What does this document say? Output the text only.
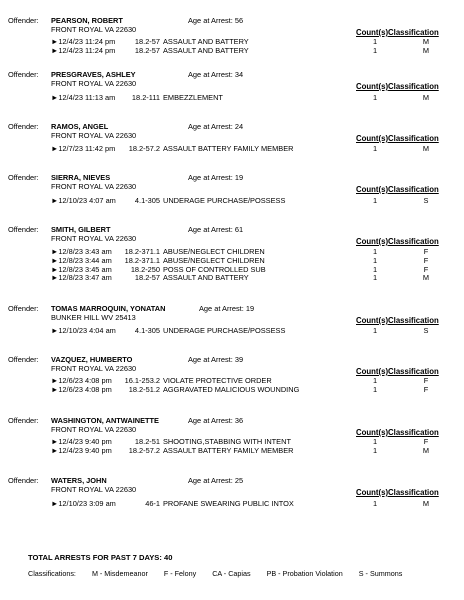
Offender: PEARSON, ROBERT	Age at Arrest: 56
FRONT ROYAL VA 22630	Count(s)Classification
►12/4/23 11:24 pm	18.2-57 ASSAULT AND BATTERY	1	M
►12/4/23 11:24 pm	18.2-57 ASSAULT AND BATTERY	1	M
Offender: PRESGRAVES, ASHLEY	Age at Arrest: 34
FRONT ROYAL VA 22630	Count(s)Classification
►12/4/23 11:13 am 18.2-111 EMBEZZLEMENT	1	M
Offender: RAMOS, ANGEL	Age at Arrest: 24
FRONT ROYAL VA 22630	Count(s)Classification
►12/7/23 11:42 pm 18.2-57.2 ASSAULT BATTERY FAMILY MEMBER	1	M
Offender: SIERRA, NIEVES	Age at Arrest: 19
FRONT ROYAL VA 22630	Count(s)Classification
►12/10/23 4:07 am	4.1-305 UNDERAGE PURCHASE/POSSESS	1	S
Offender: SMITH, GILBERT	Age at Arrest: 61
FRONT ROYAL VA 22630	Count(s)Classification
►12/8/23 3:43 am 18.2-371.1 ABUSE/NEGLECT CHILDREN	1	F
►12/8/23 3:44 am 18.2-371.1 ABUSE/NEGLECT CHILDREN	1	F
►12/8/23 3:45 am	18.2-250 POSS OF CONTROLLED SUB	1	F
►12/8/23 3:47 am	18.2-57 ASSAULT AND BATTERY	1	M
Offender: TOMAS MARROQUIN, YONATAN	Age at Arrest: 19
BUNKER HILL WV 25413	Count(s)Classification
►12/10/23 4:04 am	4.1-305 UNDERAGE PURCHASE/POSSESS	1	S
Offender: VAZQUEZ, HUMBERTO	Age at Arrest: 39
FRONT ROYAL VA 22630	Count(s)Classification
►12/6/23 4:08 pm 16.1-253.2 VIOLATE PROTECTIVE ORDER	1	F
►12/6/23 4:08 pm 18.2-51.2 AGGRAVATED MALICIOUS WOUNDING	1	F
Offender: WASHINGTON, ANTWAINETTE	Age at Arrest: 36
FRONT ROYAL VA 22630	Count(s)Classification
►12/4/23 9:40 pm	18.2-51 SHOOTING,STABBING WITH INTENT	1	F
►12/4/23 9:40 pm 18.2-57.2 ASSAULT BATTERY FAMILY MEMBER	1	M
Offender: WATERS, JOHN	Age at Arrest: 25
FRONT ROYAL VA 22630	Count(s)Classification
►12/10/23 3:09 am	46-1 PROFANE SWEARING PUBLIC INTOX	1	M
TOTAL ARRESTS FOR PAST 7 DAYS: 40
Classifications: M - Misdemeanor F - Felony CA - Capias PB - Probation Violation S - Summons
